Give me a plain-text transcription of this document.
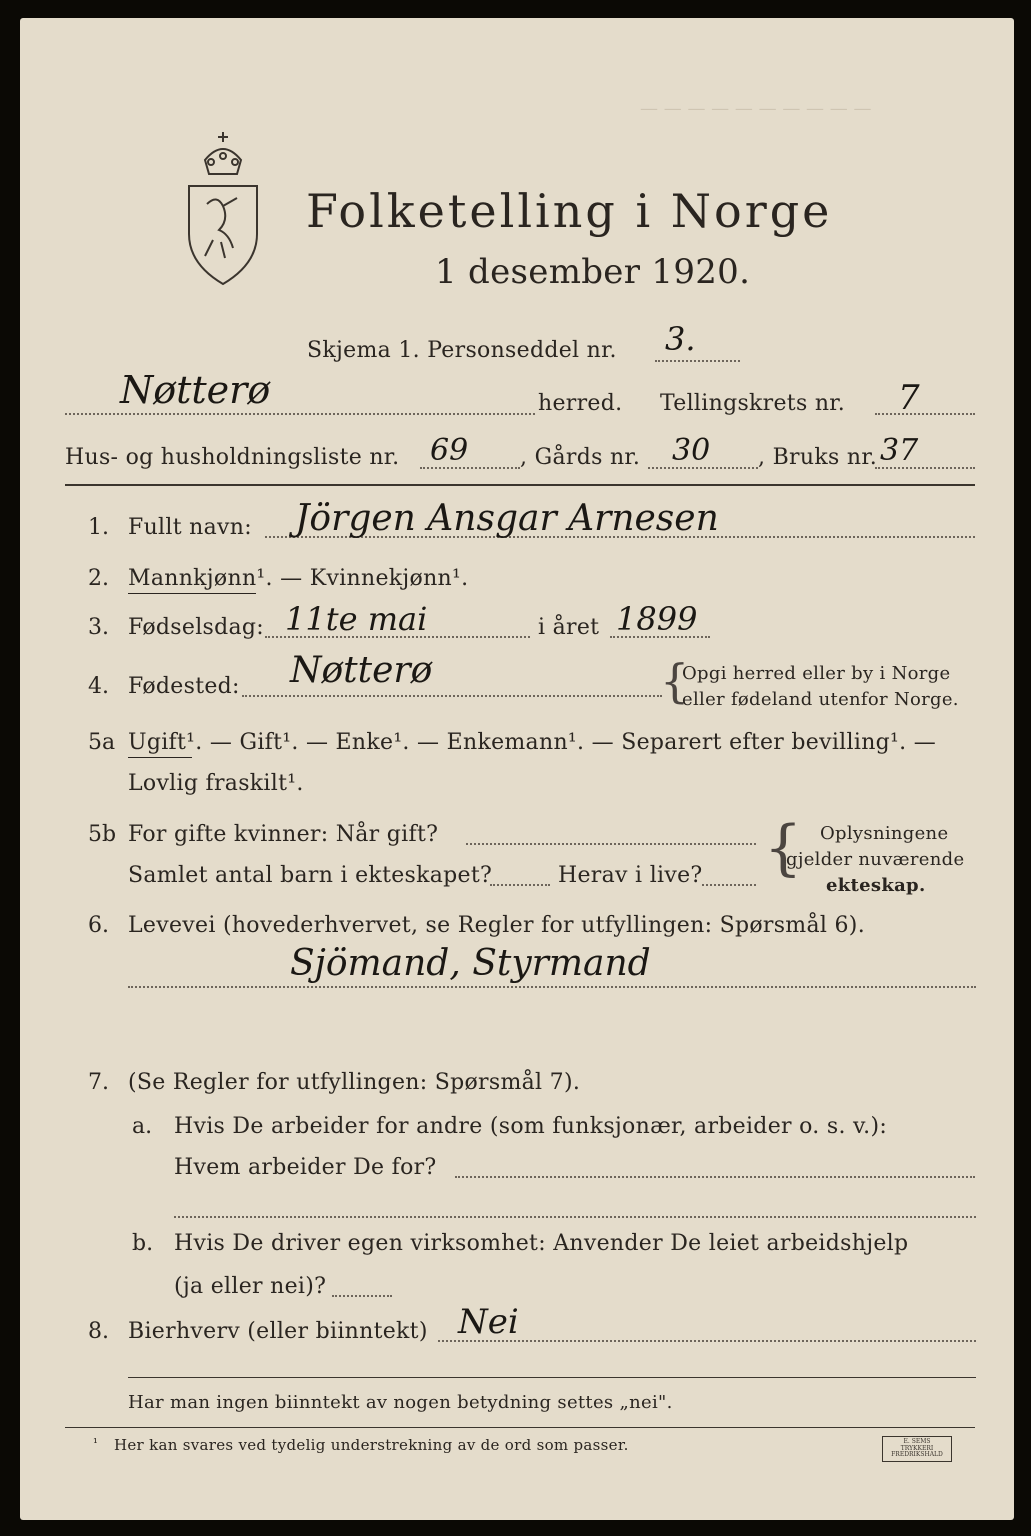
— — — — — — — — — —
Folketelling i Norge
1 desember 1920.
Skjema 1. Personseddel nr. 3.
Nøtterø	herred. Tellingskrets nr. 7
Hus- og husholdningsliste nr. 69 , Gårds nr. 30 , Bruks nr. 37
1. Fullt navn: Jörgen Ansgar Arnesen
2. Mannkjønn¹. — Kvinnekjønn¹.
3. Fødselsdag: 11te mai	i året 1899
4. Fødested: Nøtterø	{
Opgi herred eller by i Norge
eller fødeland utenfor Norge.
5a Ugift¹. — Gift¹. — Enke¹. — Enkemann¹. — Separert efter bevilling¹. —
Lovlig fraskilt¹.
5b For gifte kvinner: Når gift?
Samlet antal barn i ekteskapet?	Herav i live? { Oplysningene
gjelder nuværende
ekteskap.
6. Levevei (hovederhvervet, se Regler for utfyllingen: Spørsmål 6).
Sjömand, Styrmand
7. (Se Regler for utfyllingen: Spørsmål 7).
a. Hvis De arbeider for andre (som funksjonær, arbeider o. s. v.):
Hvem arbeider De for?
b. Hvis De driver egen virksomhet: Anvender De leiet arbeidshjelp
(ja eller nei)?
8. Bierhverv (eller biinntekt) Nei
Har man ingen biinntekt av nogen betydning settes „nei".
¹ Her kan svares ved tydelig understrekning av de ord som passer.	E. SEMS TRYKKERI FREDRIKSHALD
